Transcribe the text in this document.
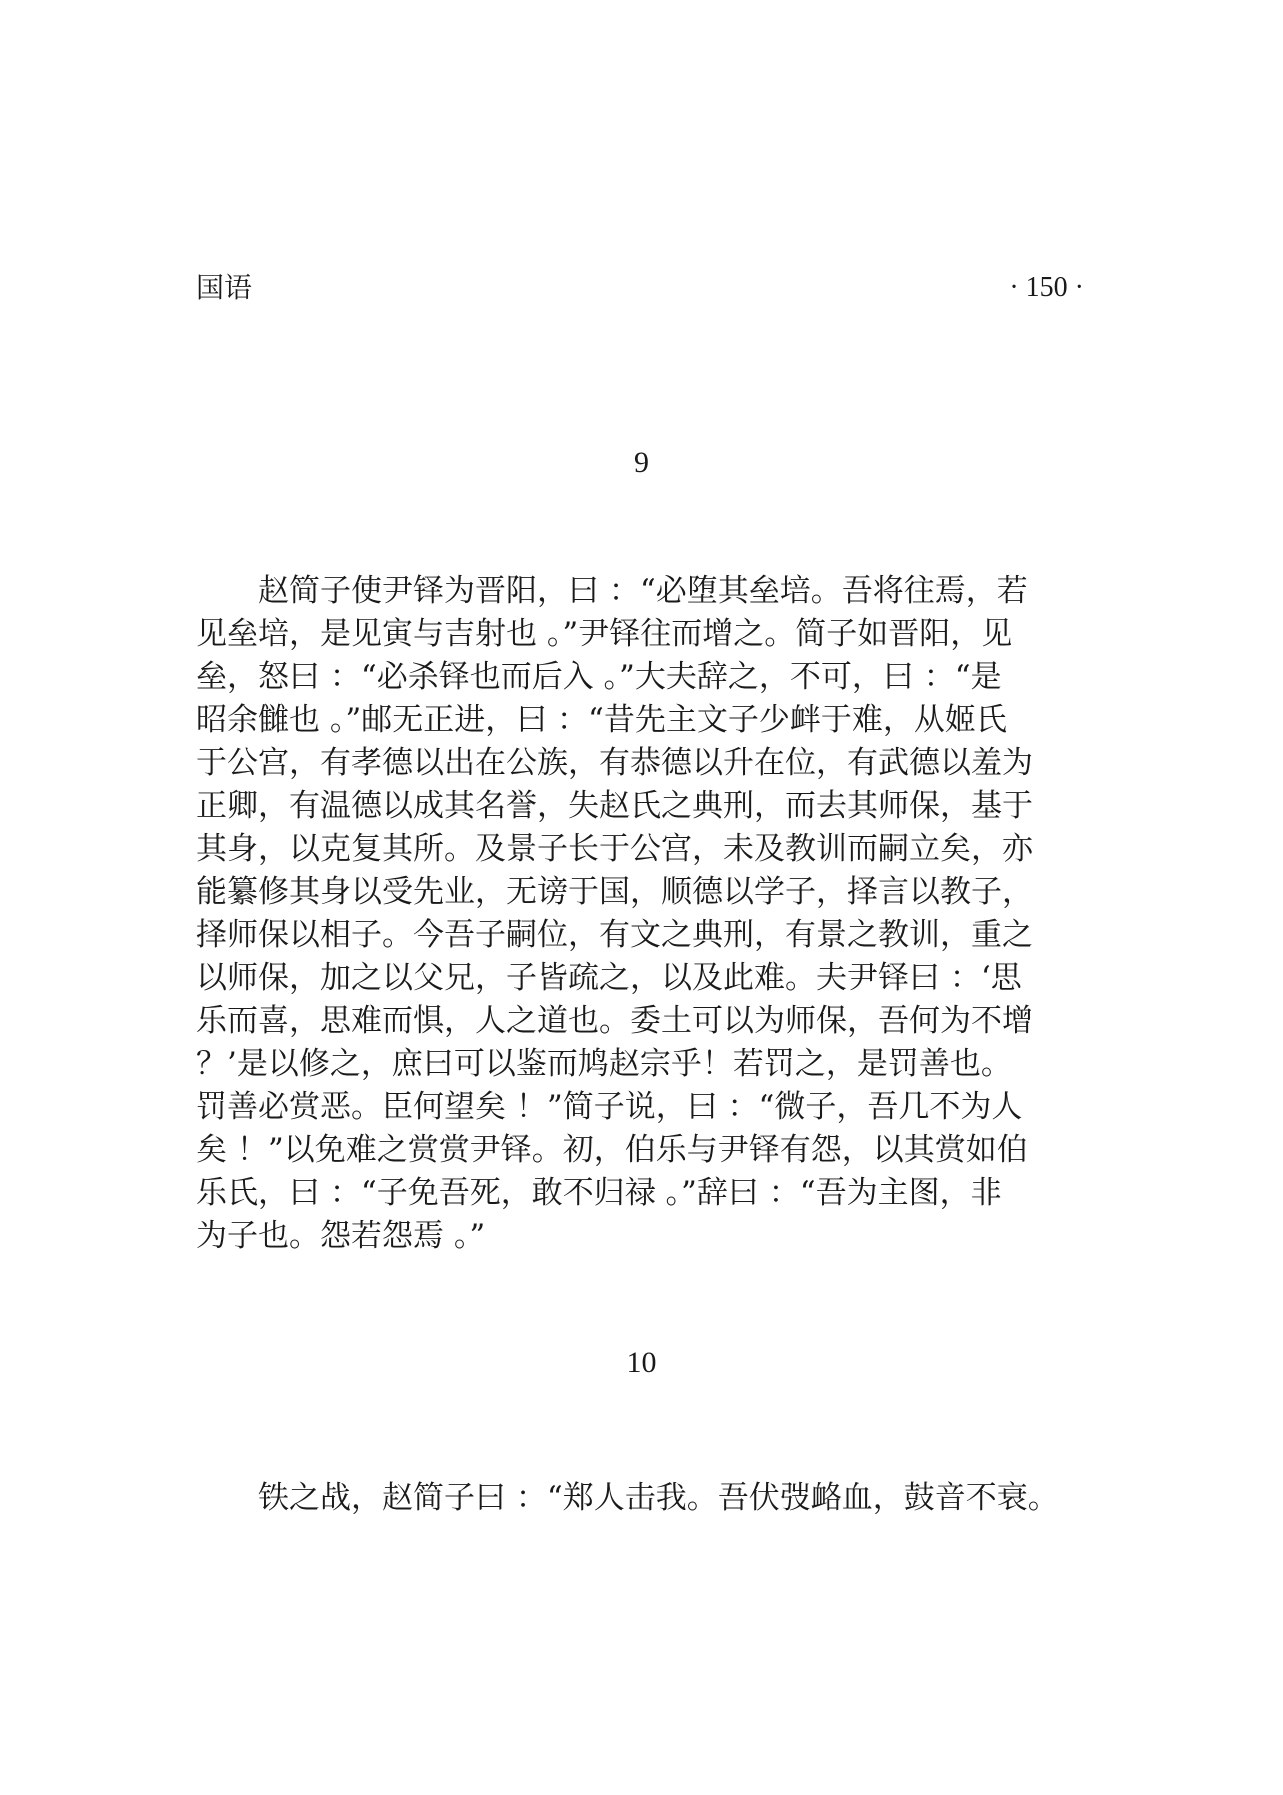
国语	· 150 ·
9
　　赵简子使尹铎为晋阳，曰 ：“必堕其垒培。吾将往焉，若
见垒培，是见寅与吉射也 。”尹铎往而增之。简子如晋阳，见
垒，怒曰 ：“必杀铎也而后入 。”大夫辞之，不可，曰 ：“是
昭余雠也 。”邮无正进，曰 ：“昔先主文子少衅于难，从姬氏
于公宫，有孝德以出在公族，有恭德以升在位，有武德以羞为
正卿，有温德以成其名誉，失赵氏之典刑，而去其师保，基于
其身，以克复其所。及景子长于公宫，未及教训而嗣立矣，亦
能纂修其身以受先业，无谤于国，顺德以学子，择言以教子，
择师保以相子。今吾子嗣位，有文之典刑，有景之教训，重之
以师保，加之以父兄，子皆疏之，以及此难。夫尹铎曰 ：‘思
乐而喜，思难而惧，人之道也。委土可以为师保，吾何为不增
？’是以修之，庶曰可以鉴而鸠赵宗乎！若罚之，是罚善也。
罚善必赏恶。臣何望矣 ！”简子说，曰 ：“微子，吾几不为人
矣 ！”以免难之赏赏尹铎。初，伯乐与尹铎有怨，以其赏如伯
乐氏，曰 ：“子免吾死，敢不归禄 。”辞曰 ：“吾为主图，非
为子也。怨若怨焉 。”
10
　　铁之战，赵简子曰 ：“郑人击我。吾伏弢衉血，鼓音不衰。
